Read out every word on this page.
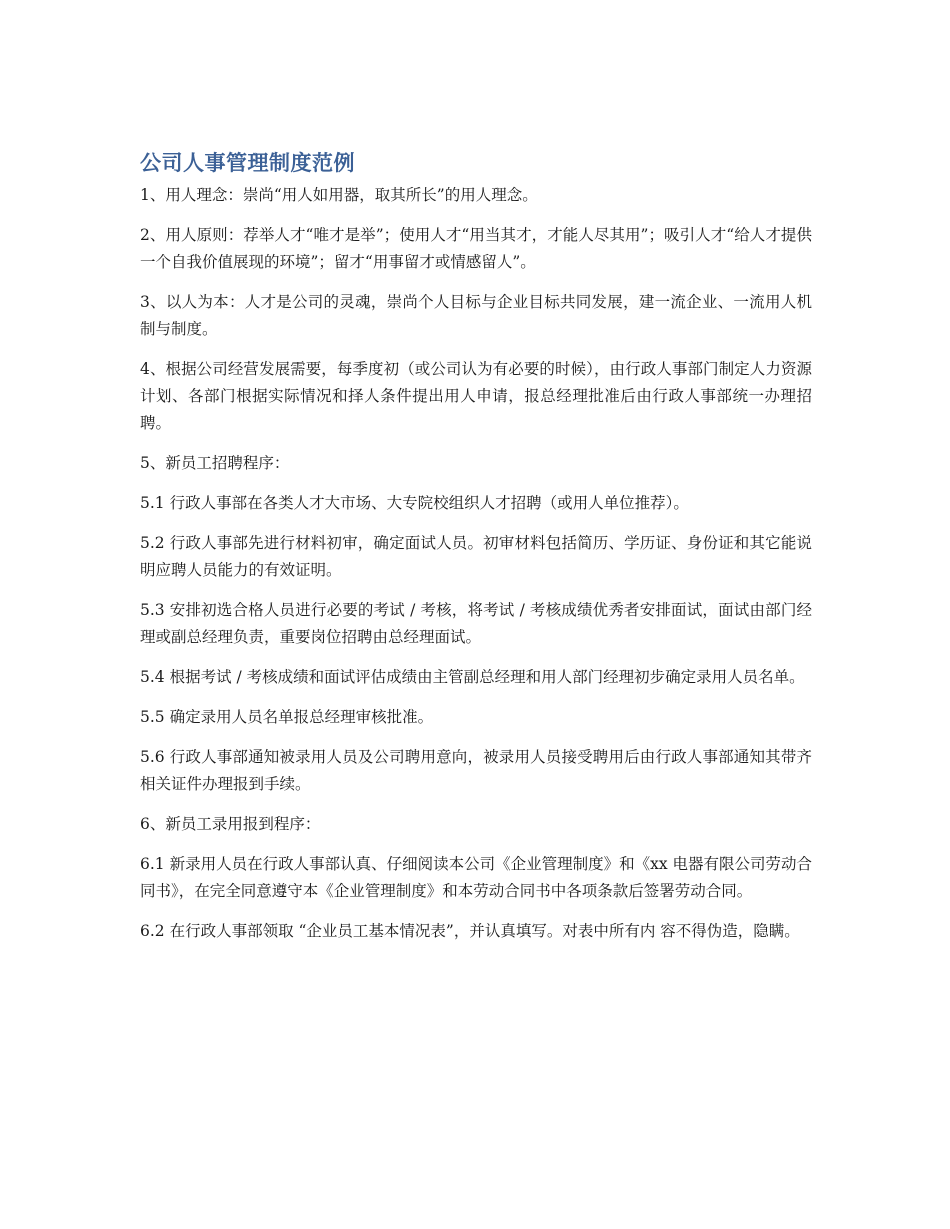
公司人事管理制度范例

1、用人理念：崇尚“用人如用器，取其所长”的用人理念。

2、用人原则：荐举人才“唯才是举”；使用人才“用当其才，才能人尽其用”；吸引人才“给人才提供一个自我价值展现的环境”；留才“用事留才或情感留人”。

3、以人为本：人才是公司的灵魂，崇尚个人目标与企业目标共同发展，建一流企业、一流用人机制与制度。

4、根据公司经营发展需要，每季度初（或公司认为有必要的时候），由行政人事部门制定人力资源计划、各部门根据实际情况和择人条件提出用人申请，报总经理批准后由行政人事部统一办理招聘。

5、新员工招聘程序：

5.1 行政人事部在各类人才大市场、大专院校组织人才招聘（或用人单位推荐）。

5.2 行政人事部先进行材料初审，确定面试人员。初审材料包括简历、学历证、身份证和其它能说明应聘人员能力的有效证明。

5.3 安排初选合格人员进行必要的考试 / 考核，将考试 / 考核成绩优秀者安排面试，面试由部门经理或副总经理负责，重要岗位招聘由总经理面试。

5.4 根据考试 / 考核成绩和面试评估成绩由主管副总经理和用人部门经理初步确定录用人员名单。

5.5 确定录用人员名单报总经理审核批准。

5.6 行政人事部通知被录用人员及公司聘用意向，被录用人员接受聘用后由行政人事部通知其带齐相关证件办理报到手续。

6、新员工录用报到程序：

6.1 新录用人员在行政人事部认真、仔细阅读本公司《企业管理制度》和《xx 电器有限公司劳动合同书》，在完全同意遵守本《企业管理制度》和本劳动合同书中各项条款后签署劳动合同。

6.2 在行政人事部领取 “企业员工基本情况表”，并认真填写。对表中所有内 容不得伪造，隐瞒。
